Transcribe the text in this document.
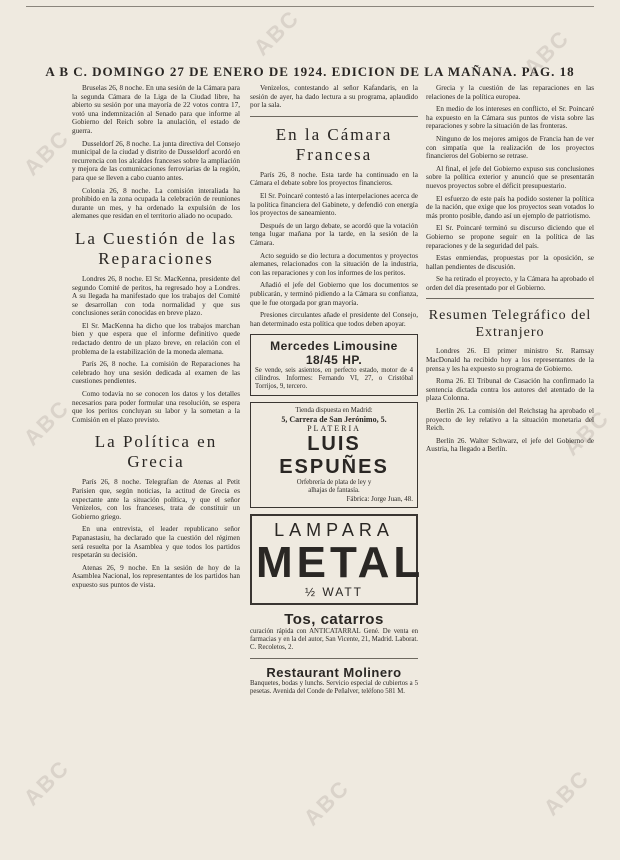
A B C. DOMINGO 27 DE ENERO DE 1924. EDICION DE LA MAÑANA. PAG. 18
ABC
ABC	ABC
ABC
ABC	ABC	ABC
ABC

Bruselas 26, 8 noche. En una sesión de la Cámara para la segunda Cámara de la Liga de la Ciudad libre, ha abierto su sesión por una mayoría de 22 votos contra 17, votó una indemnización al Senado para que informe al Gobierno del Reich sobre la anulación, el estado de guerra.

Dusseldorf 26, 8 noche. La junta directiva del Consejo municipal de la ciudad y distrito de Dusseldorf acordó en recurrencia con los alcaldes franceses sobre la ampliación y mejora de las comunicaciones ferroviarias de la región, para que se lleven a cabo cuanto antes.

Colonia 26, 8 noche. La comisión interaliada ha prohibido en la zona ocupada la celebración de reuniones durante un mes, y ha ordenado la expulsión de los alemanes que residan en el territorio aliado no ocupado.

La Cuestión de las
Reparaciones

Londres 26, 8 noche. El Sr. MacKenna, presidente del segundo Comité de peritos, ha regresado hoy a Londres. A su llegada ha manifestado que los trabajos del Comité se desarrollan con toda normalidad y que sus conclusiones serán conocidas en breve plazo.

El Sr. MacKenna ha dicho que los trabajos marchan bien y que espera que el informe definitivo quede redactado dentro de un plazo breve, en relación con el problema de la estabilización de la moneda alemana.

París 26, 8 noche. La comisión de Reparaciones ha celebrado hoy una sesión dedicada al examen de las cuestiones pendientes.

Como todavía no se conocen los datos y los detalles necesarios para poder formular una resolución, se espera que los peritos concluyan su labor y la sometan a la Comisión en el plazo previsto.

La Política en
Grecia

París 26, 8 noche. Telegrafían de Atenas al Petit Parisien que, según noticias, la actitud de Grecia es expectante ante la situación política, y que el señor Venizelos, con los franceses, trata de constituir un Gobierno griego.

En una entrevista, el leader republicano señor Papanastasiu, ha declarado que la cuestión del régimen será resuelta por la Asamblea y que todos los partidos respetarán su decisión.

Atenas 26, 9 noche. En la sesión de hoy de la Asamblea Nacional, los representantes de los partidos han expuesto sus puntos de vista.

Venizelos, contestando al señor Kafandaris, en la sesión de ayer, ha dado lectura a su programa, aplaudido por la sala.

En la Cámara
Francesa

París 26, 8 noche. Esta tarde ha continuado en la Cámara el debate sobre los proyectos financieros.

El Sr. Poincaré contestó a las interpelaciones acerca de la política financiera del Gabinete, y defendió con energía los proyectos de saneamiento.

Después de un largo debate, se acordó que la votación tenga lugar mañana por la tarde, en la sesión de la Cámara.

Acto seguido se dio lectura a documentos y proyectos alemanes, relacionados con la situación de la industria, con las reparaciones y con los informes de los peritos.

Añadió el jefe del Gobierno que los documentos se publicarán, y terminó pidiendo a la Cámara su confianza, que le fue otorgada por gran mayoría.

Presiones circulantes añade el presidente del Consejo, han determinado esta política que todos deben apoyar.

Mercedes Limousine 18/45 HP.
Se vende, seis asientos, en perfecto estado, motor de 4 cilindros. Informes: Fernando VI, 27, o Cristóbal Torrijos, 9, tercero.
Tienda dispuesta en Madrid:
5, Carrera de San Jerónimo, 5.
PLATERIA
LUIS ESPUÑES
Orfebrería de plata de ley y
alhajas de fantasía.
Fábrica: Jorge Juan, 48.
LAMPARA
METAL
½ WATT
Tos, catarros
curación rápida con ANTICATARRAL Gené. De venta en farmacias y en la del autor, San Vicente, 21, Madrid. Laborat. C. Recoletos, 2.
Restaurant Molinero
Banquetes, bodas y lunchs. Servicio especial de cubiertos a 5 pesetas. Avenida del Conde de Peñalver, teléfono 581 M.

Grecia y la cuestión de las reparaciones en las relaciones de la política europea.

En medio de los intereses en conflicto, el Sr. Poincaré ha expuesto en la Cámara sus puntos de vista sobre las reparaciones y sobre la situación de las fronteras.

Ninguno de los mejores amigos de Francia han de ver con simpatía que la realización de los proyectos financieros del Gobierno se retrase.

Al final, el jefe del Gobierno expuso sus conclusiones sobre la política exterior y anunció que se presentarán nuevos proyectos sobre el déficit presupuestario.

El esfuerzo de este país ha podido sostener la política de la nación, que exige que los proyectos sean votados lo más pronto posible, dando así un ejemplo de patriotismo.

El Sr. Poincaré terminó su discurso diciendo que el Gobierno se propone seguir en la política de las reparaciones y de la seguridad del país.

Estas enmiendas, propuestas por la oposición, se hallan pendientes de discusión.

Se ha retirado el proyecto, y la Cámara ha aprobado el orden del día presentado por el Gobierno.

Resumen Telegráfico del
Extranjero

Londres 26. El primer ministro Sr. Ramsay MacDonald ha recibido hoy a los representantes de la prensa y les ha expuesto su programa de Gobierno.

Roma 26. El Tribunal de Casación ha confirmado la sentencia dictada contra los autores del atentado de la plaza Colonna.

Berlín 26. La comisión del Reichstag ha aprobado el proyecto de ley relativo a la situación monetaria del Reich.

Berlín 26. Walter Schwarz, el jefe del Gobierno de Austria, ha llegado a Berlín.
